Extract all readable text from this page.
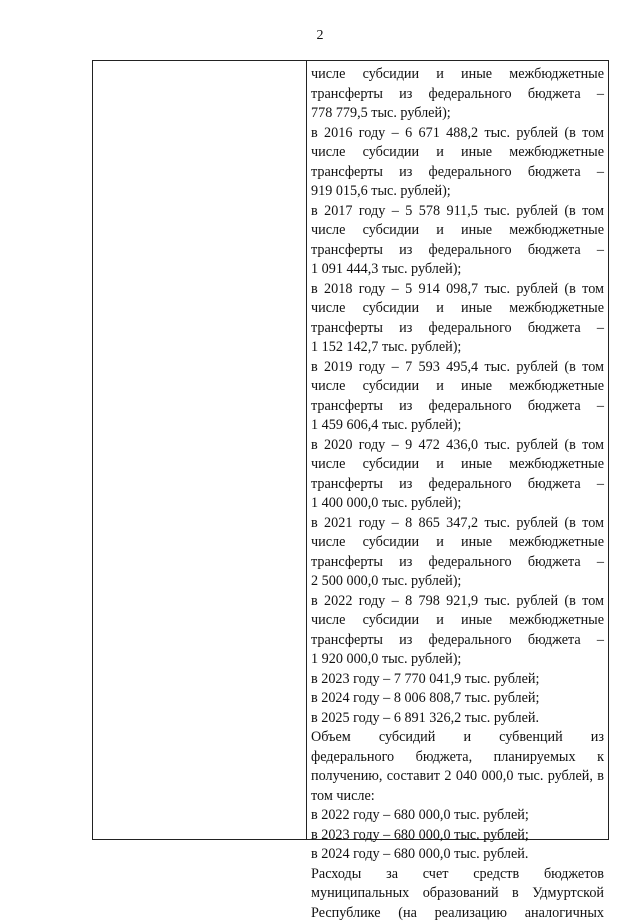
2
числе субсидии и иные межбюджетные
трансферты из федерального бюджета –
778 779,5 тыс. рублей);
в 2016 году – 6 671 488,2 тыс. рублей (в том
числе субсидии и иные межбюджетные
трансферты из федерального бюджета –
919 015,6 тыс. рублей);
в 2017 году – 5 578 911,5 тыс. рублей (в том
числе субсидии и иные межбюджетные
трансферты из федерального бюджета –
1 091 444,3 тыс. рублей);
в 2018 году – 5 914 098,7 тыс. рублей (в том
числе субсидии и иные межбюджетные
трансферты из федерального бюджета –
1 152 142,7 тыс. рублей);
в 2019 году – 7 593 495,4 тыс. рублей (в том
числе субсидии и иные межбюджетные
трансферты из федерального бюджета –
1 459 606,4 тыс. рублей);
в 2020 году – 9 472 436,0 тыс. рублей (в том
числе субсидии и иные межбюджетные
трансферты из федерального бюджета –
1 400 000,0 тыс. рублей);
в 2021 году – 8 865 347,2 тыс. рублей (в том
числе субсидии и иные межбюджетные
трансферты из федерального бюджета –
2 500 000,0 тыс. рублей);
в 2022 году – 8 798 921,9 тыс. рублей (в том
числе субсидии и иные межбюджетные
трансферты из федерального бюджета –
1 920 000,0 тыс. рублей);
в 2023 году – 7 770 041,9 тыс. рублей;
в 2024 году – 8 006 808,7 тыс. рублей;
в 2025 году – 6 891 326,2 тыс. рублей.
Объем субсидий и субвенций из
федерального бюджета, планируемых к
получению, составит 2 040 000,0 тыс. рублей, в
том числе:
в 2022 году – 680 000,0 тыс. рублей;
в 2023 году – 680 000,0 тыс. рублей;
в 2024 году – 680 000,0 тыс. рублей.
Расходы за счет средств бюджетов
муниципальных образований в Удмуртской
Республике (на реализацию аналогичных
